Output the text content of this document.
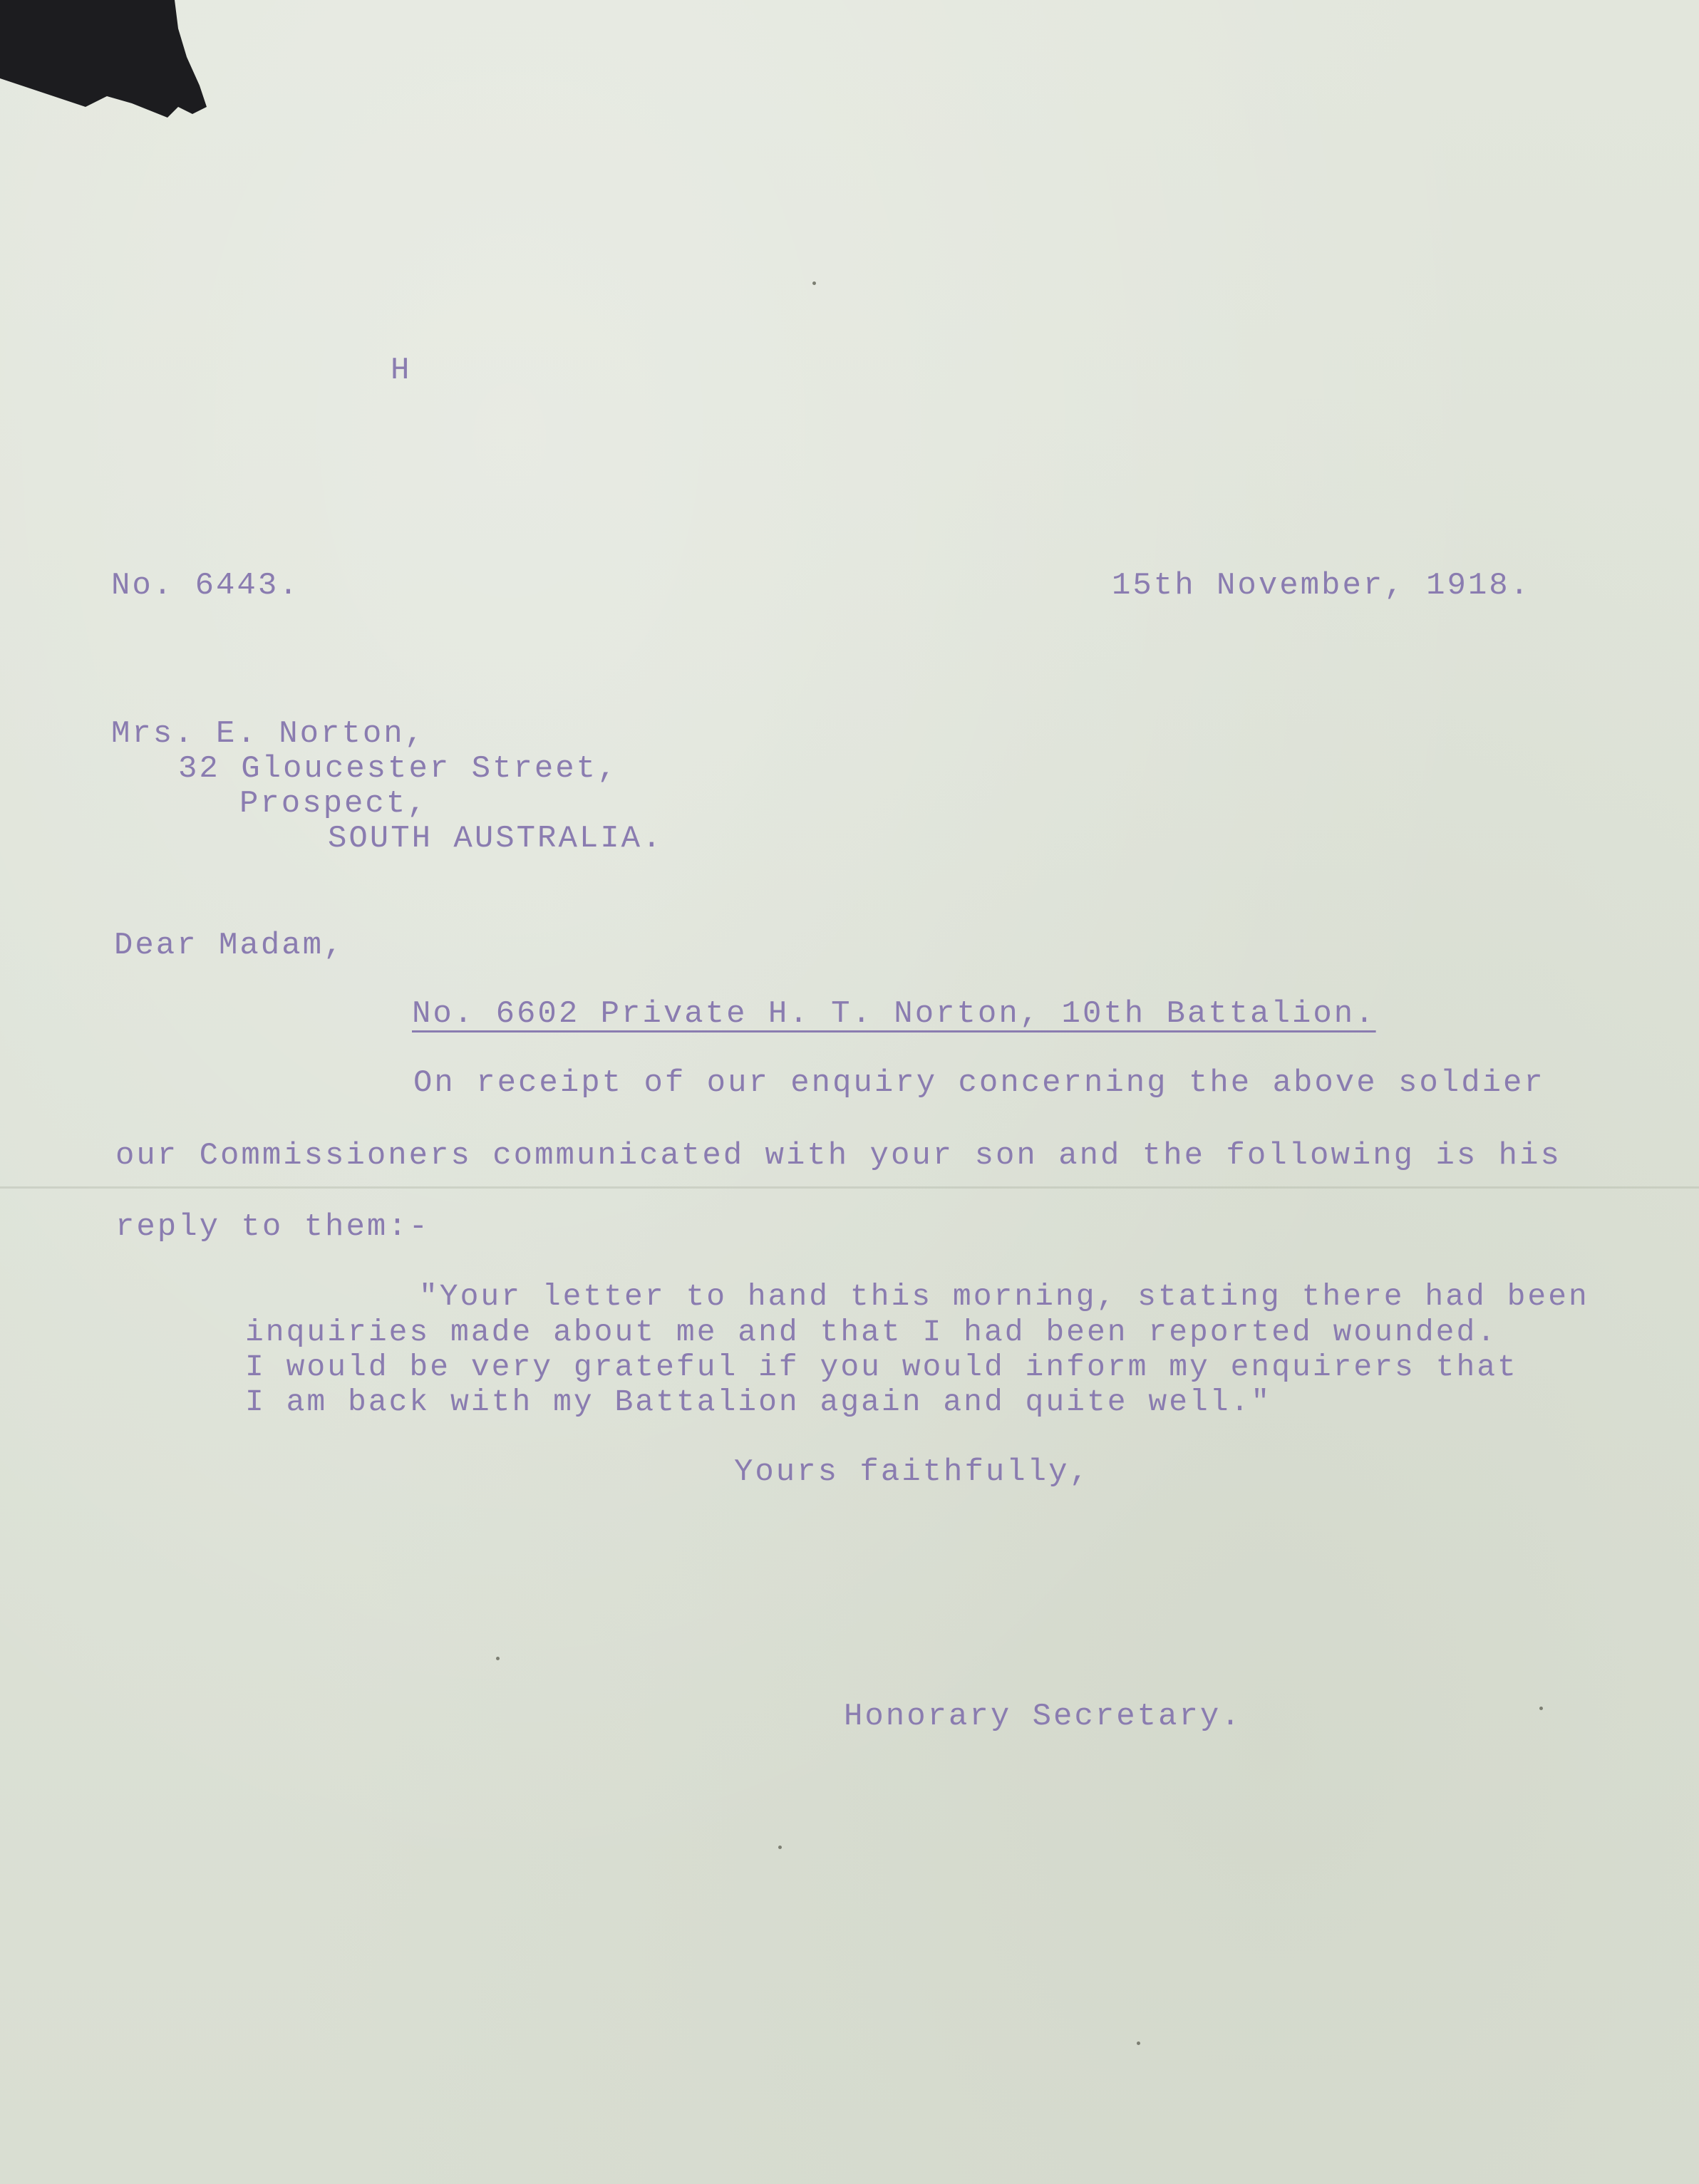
H
No. 6443.	15th November, 1918.
Mrs. E. Norton,
32 Gloucester Street,
Prospect,
SOUTH AUSTRALIA.
Dear Madam,
No. 6602 Private H. T. Norton, 10th Battalion.
On receipt of our enquiry concerning the above soldier
our Commissioners communicated with your son and the following is his
reply to them:-
"Your letter to hand this morning, stating there had been
inquiries made about me and that I had been reported wounded.
I would be very grateful if you would inform my enquirers that
I am back with my Battalion again and quite well."
Yours faithfully,
Honorary Secretary.
